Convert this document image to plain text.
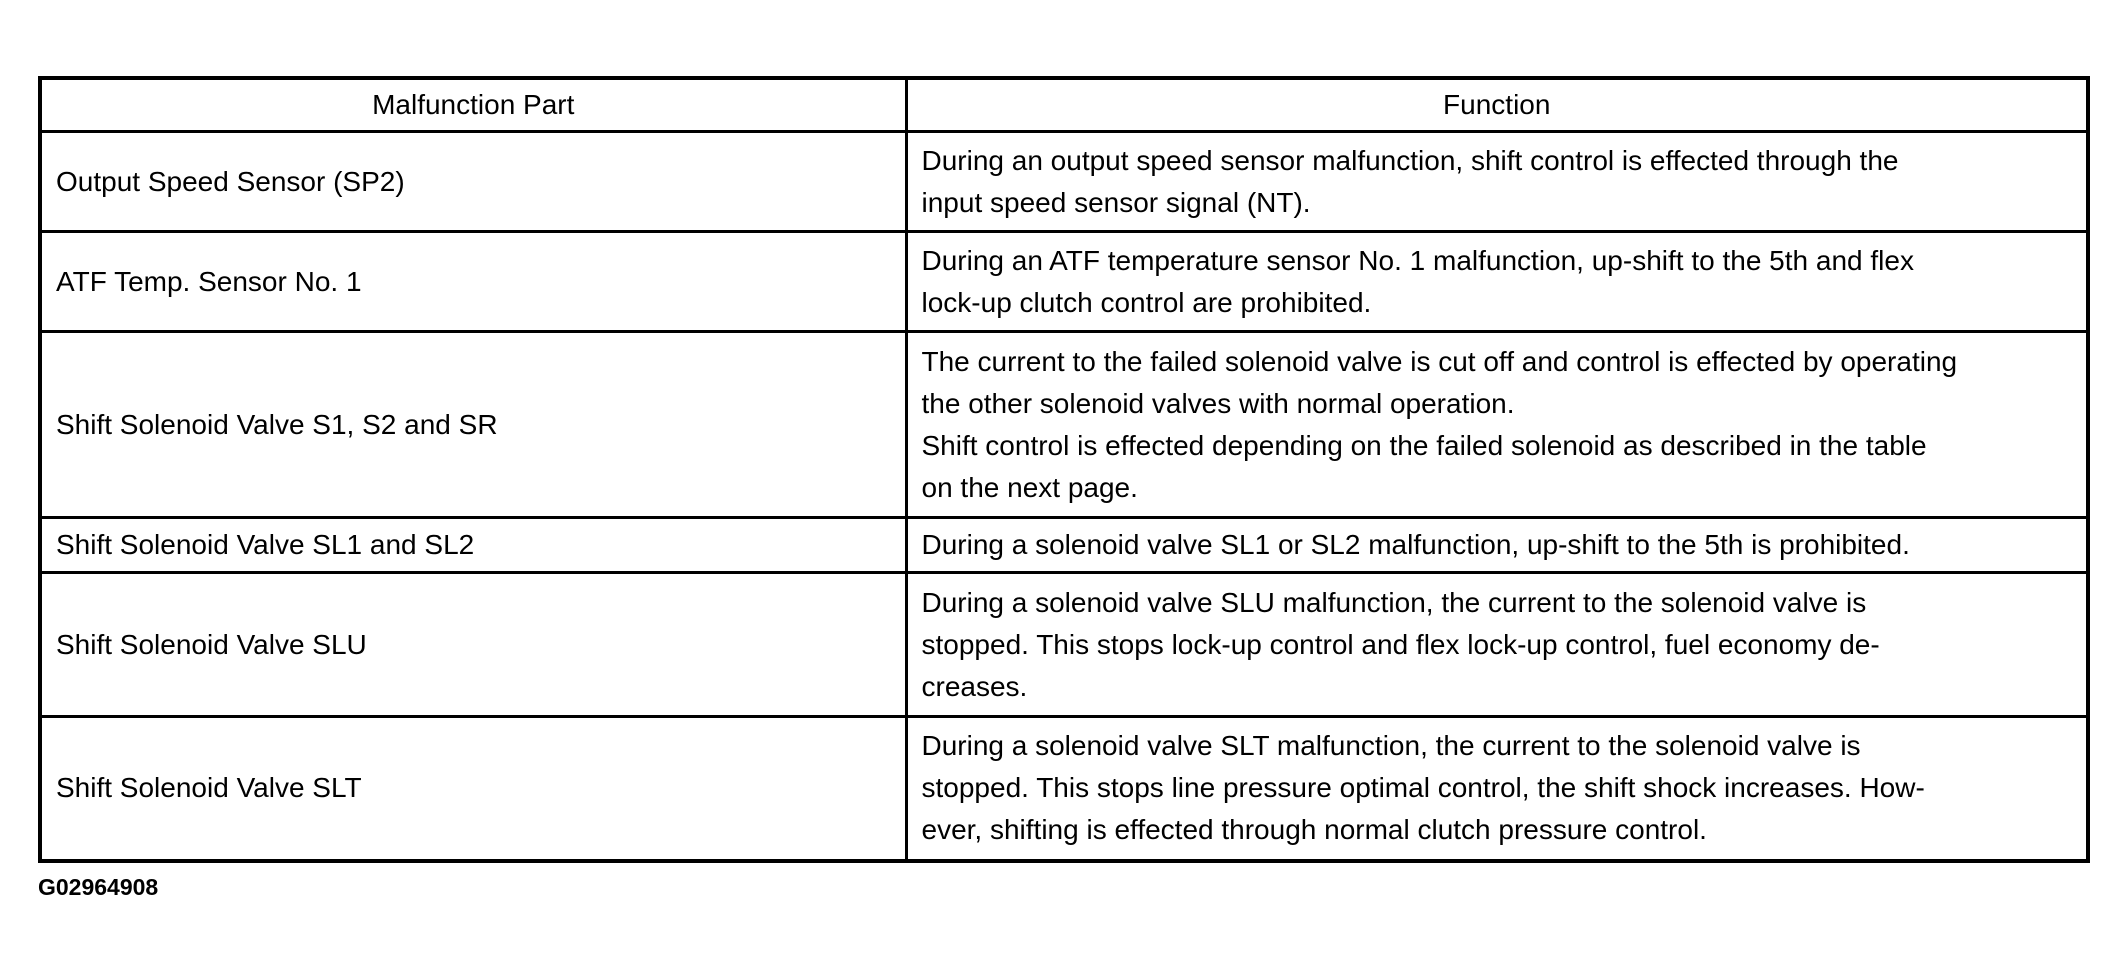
Malfunction Part	Function
Output Speed Sensor (SP2)	During an output speed sensor malfunction, shift control is effected through the
input speed sensor signal (NT).

ATF Temp. Sensor No. 1	During an ATF temperature sensor No. 1 malfunction, up-shift to the 5th and flex
lock-up clutch control are prohibited.

Shift Solenoid Valve S1, S2 and SR	The current to the failed solenoid valve is cut off and control is effected by operating
the other solenoid valves with normal operation.
Shift control is effected depending on the failed solenoid as described in the table
on the next page.

Shift Solenoid Valve SL1 and SL2	During a solenoid valve SL1 or SL2 malfunction, up-shift to the 5th is prohibited.

Shift Solenoid Valve SLU	During a solenoid valve SLU malfunction, the current to the solenoid valve is
stopped. This stops lock-up control and flex lock-up control, fuel economy de-
creases.

Shift Solenoid Valve SLT	During a solenoid valve SLT malfunction, the current to the solenoid valve is
stopped. This stops line pressure optimal control, the shift shock increases. How-
ever, shifting is effected through normal clutch pressure control.
G02964908
